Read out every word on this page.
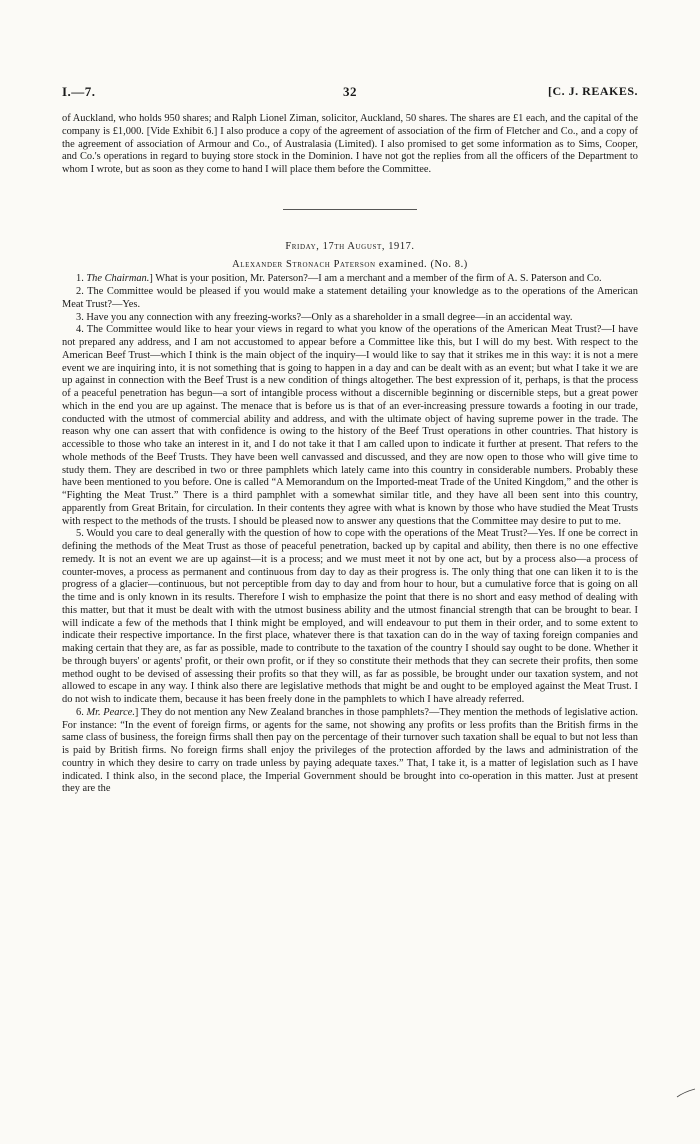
I.—7.	32	[C. J. REAKES.

of Auckland, who holds 950 shares; and Ralph Lionel Ziman, solicitor, Auckland, 50 shares. The shares are £1 each, and the capital of the company is £1,000. [Vide Exhibit 6.] I also produce a copy of the agreement of association of the firm of Fletcher and Co., and a copy of the agreement of association of Armour and Co., of Australasia (Limited). I also promised to get some information as to Sims, Cooper, and Co.'s operations in regard to buying store stock in the Dominion. I have not got the replies from all the officers of the Department to whom I wrote, but as soon as they come to hand I will place them before the Committee.

Friday, 17th August, 1917.
Alexander Stronach Paterson examined. (No. 8.)

1. The Chairman.] What is your position, Mr. Paterson?—I am a merchant and a member of the firm of A. S. Paterson and Co.

2. The Committee would be pleased if you would make a statement detailing your knowledge as to the operations of the American Meat Trust?—Yes.

3. Have you any connection with any freezing-works?—Only as a shareholder in a small degree—in an accidental way.

4. The Committee would like to hear your views in regard to what you know of the operations of the American Meat Trust?—I have not prepared any address, and I am not accustomed to appear before a Committee like this, but I will do my best. With respect to the American Beef Trust—which I think is the main object of the inquiry—I would like to say that it strikes me in this way: it is not a mere event we are inquiring into, it is not something that is going to happen in a day and can be dealt with as an event; but what I take it we are up against in connection with the Beef Trust is a new condition of things altogether. The best expression of it, perhaps, is that the process of a peaceful penetration has begun—a sort of intangible process without a discernible beginning or discernible steps, but a great power which in the end you are up against. The menace that is before us is that of an ever-increasing pressure towards a footing in our trade, conducted with the utmost of commercial ability and address, and with the ultimate object of having supreme power in the trade. The reason why one can assert that with confidence is owing to the history of the Beef Trust operations in other countries. That history is accessible to those who take an interest in it, and I do not take it that I am called upon to indicate it further at present. That refers to the whole methods of the Beef Trusts. They have been well canvassed and discussed, and they are now open to those who will give time to study them. They are described in two or three pamphlets which lately came into this country in considerable numbers. Probably these have been mentioned to you before. One is called “A Memorandum on the Imported-meat Trade of the United Kingdom,” and the other is “Fighting the Meat Trust.” There is a third pamphlet with a somewhat similar title, and they have all been sent into this country, apparently from Great Britain, for circulation. In their contents they agree with what is known by those who have studied the Meat Trusts with respect to the methods of the trusts. I should be pleased now to answer any questions that the Committee may desire to put to me.

5. Would you care to deal generally with the question of how to cope with the operations of the Meat Trust?—Yes. If one be correct in defining the methods of the Meat Trust as those of peaceful penetration, backed up by capital and ability, then there is no one effective remedy. It is not an event we are up against—it is a process; and we must meet it not by one act, but by a process also—a process of counter-moves, a process as permanent and continuous from day to day as their progress is. The only thing that one can liken it to is the progress of a glacier—continuous, but not perceptible from day to day and from hour to hour, but a cumulative force that is going on all the time and is only known in its results. Therefore I wish to emphasize the point that there is no short and easy method of dealing with this matter, but that it must be dealt with with the utmost business ability and the utmost financial strength that can be brought to bear. I will indicate a few of the methods that I think might be employed, and will endeavour to put them in their order, and to some extent to indicate their respective importance. In the first place, whatever there is that taxation can do in the way of taxing foreign companies and making certain that they are, as far as possible, made to contribute to the taxation of the country I should say ought to be done. Whether it be through buyers' or agents' profit, or their own profit, or if they so constitute their methods that they can secrete their profits, then some method ought to be devised of assessing their profits so that they will, as far as possible, be brought under our taxation system, and not allowed to escape in any way. I think also there are legislative methods that might be and ought to be employed against the Meat Trust. I do not wish to indicate them, because it has been freely done in the pamphlets to which I have already referred.

6. Mr. Pearce.] They do not mention any New Zealand branches in those pamphlets?—They mention the methods of legislative action. For instance: “In the event of foreign firms, or agents for the same, not showing any profits or less profits than the British firms in the same class of business, the foreign firms shall then pay on the percentage of their turnover such taxation shall be equal to but not less than is paid by British firms. No foreign firms shall enjoy the privileges of the protection afforded by the laws and administration of the country in which they desire to carry on trade unless by paying adequate taxes.” That, I take it, is a matter of legislation such as I have indicated. I think also, in the second place, the Imperial Government should be brought into co-operation in this matter. Just at present they are the
